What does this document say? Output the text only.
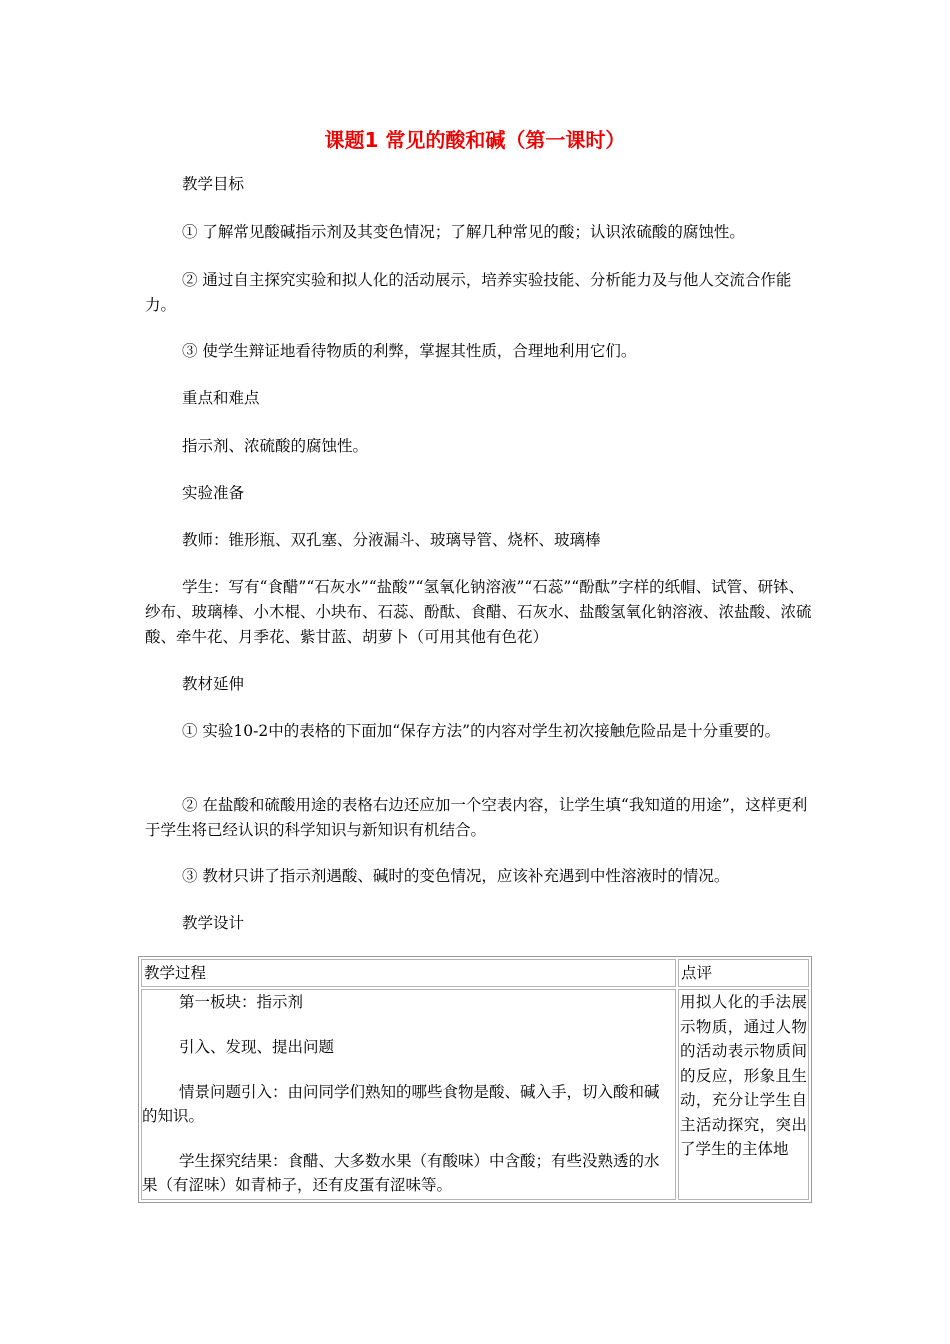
课题1 常见的酸和碱（第一课时）

教学目标

① 了解常见酸碱指示剂及其变色情况；了解几种常见的酸；认识浓硫酸的腐蚀性。

② 通过自主探究实验和拟人化的活动展示，培养实验技能、分析能力及与他人交流合作能力。

③ 使学生辩证地看待物质的利弊，掌握其性质，合理地利用它们。

重点和难点

指示剂、浓硫酸的腐蚀性。

实验准备

教师：锥形瓶、双孔塞、分液漏斗、玻璃导管、烧杯、玻璃棒

学生：写有“食醋”“石灰水”“盐酸”“氢氧化钠溶液”“石蕊”“酚酞”字样的纸帽、试管、研钵、纱布、玻璃棒、小木棍、小块布、石蕊、酚酞、食醋、石灰水、盐酸氢氧化钠溶液、浓盐酸、浓硫酸、牵牛花、月季花、紫甘蓝、胡萝卜（可用其他有色花）

教材延伸

① 实验10-2中的表格的下面加“保存方法”的内容对学生初次接触危险品是十分重要的。

② 在盐酸和硫酸用途的表格右边还应加一个空表内容，让学生填“我知道的用途”，这样更利于学生将已经认识的科学知识与新知识有机结合。

③ 教材只讲了指示剂遇酸、碱时的变色情况，应该补充遇到中性溶液时的情况。

教学设计

教学过程	点评

第一板块：指示剂

引入、发现、提出问题

情景问题引入：由问同学们熟知的哪些食物是酸、碱入手，切入酸和碱的知识。

学生探究结果：食醋、大多数水果（有酸味）中含酸；有些没熟透的水果（有涩味）如青柿子，还有皮蛋有涩味等。	用拟人化的手法展示物质，通过人物的活动表示物质间的反应，形象且生动，充分让学生自主活动探究，突出了学生的主体地
